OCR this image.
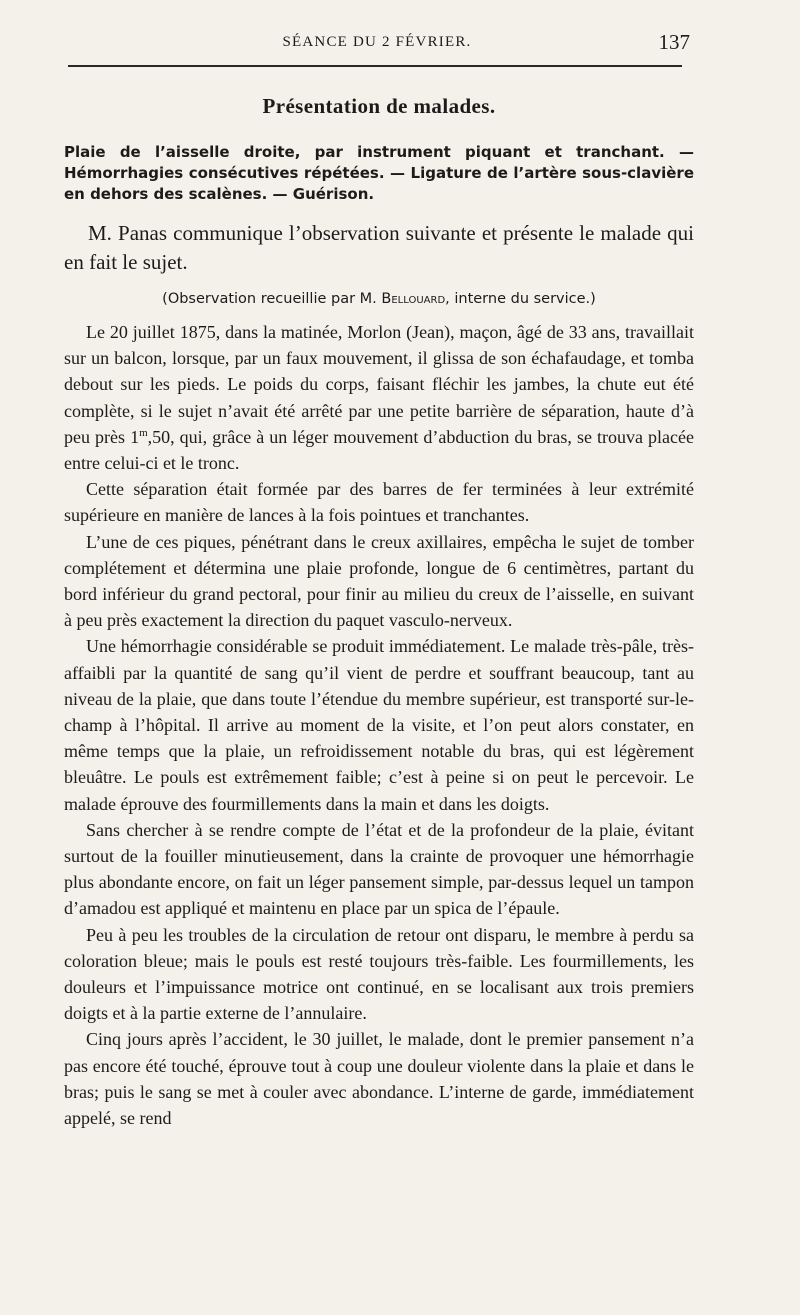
SÉANCE DU 2 FÉVRIER.	137
Présentation de malades.

Plaie de l’aisselle droite, par instrument piquant et tranchant. — Hémorrhagies consécutives répétées. — Ligature de l’artère sous-clavière en dehors des scalènes. — Guérison.

M. Panas communique l’observation suivante et présente le malade qui en fait le sujet.

(Observation recueillie par M. Bellouard, interne du service.)

Le 20 juillet 1875, dans la matinée, Morlon (Jean), maçon, âgé de 33 ans, travaillait sur un balcon, lorsque, par un faux mouvement, il glissa de son échafaudage, et tomba debout sur les pieds. Le poids du corps, faisant fléchir les jambes, la chute eut été complète, si le sujet n’avait été arrêté par une petite barrière de séparation, haute d’à peu près 1$^m$,50, qui, grâce à un léger mouvement d’abduction du bras, se trouva placée entre celui-ci et le tronc.

Cette séparation était formée par des barres de fer terminées à leur extrémité supérieure en manière de lances à la fois pointues et tranchantes.

L’une de ces piques, pénétrant dans le creux axillaires, empêcha le sujet de tomber complétement et détermina une plaie profonde, longue de 6 centimètres, partant du bord inférieur du grand pectoral, pour finir au milieu du creux de l’aisselle, en suivant à peu près exactement la direction du paquet vasculo-nerveux.

Une hémorrhagie considérable se produit immédiatement. Le malade très-pâle, très-affaibli par la quantité de sang qu’il vient de perdre et souffrant beaucoup, tant au niveau de la plaie, que dans toute l’étendue du membre supérieur, est transporté sur-le-champ à l’hôpital. Il arrive au moment de la visite, et l’on peut alors constater, en même temps que la plaie, un refroidissement notable du bras, qui est légèrement bleuâtre. Le pouls est extrêmement faible; c’est à peine si on peut le percevoir. Le malade éprouve des fourmillements dans la main et dans les doigts.

Sans chercher à se rendre compte de l’état et de la profondeur de la plaie, évitant surtout de la fouiller minutieusement, dans la crainte de provoquer une hémorrhagie plus abondante encore, on fait un léger pansement simple, par-dessus lequel un tampon d’amadou est appliqué et maintenu en place par un spica de l’épaule.

Peu à peu les troubles de la circulation de retour ont disparu, le membre à perdu sa coloration bleue; mais le pouls est resté toujours très-faible. Les fourmillements, les douleurs et l’impuissance motrice ont continué, en se localisant aux trois premiers doigts et à la partie externe de l’annulaire.

Cinq jours après l’accident, le 30 juillet, le malade, dont le premier pansement n’a pas encore été touché, éprouve tout à coup une douleur violente dans la plaie et dans le bras; puis le sang se met à couler avec abondance. L’interne de garde, immédiatement appelé, se rend
